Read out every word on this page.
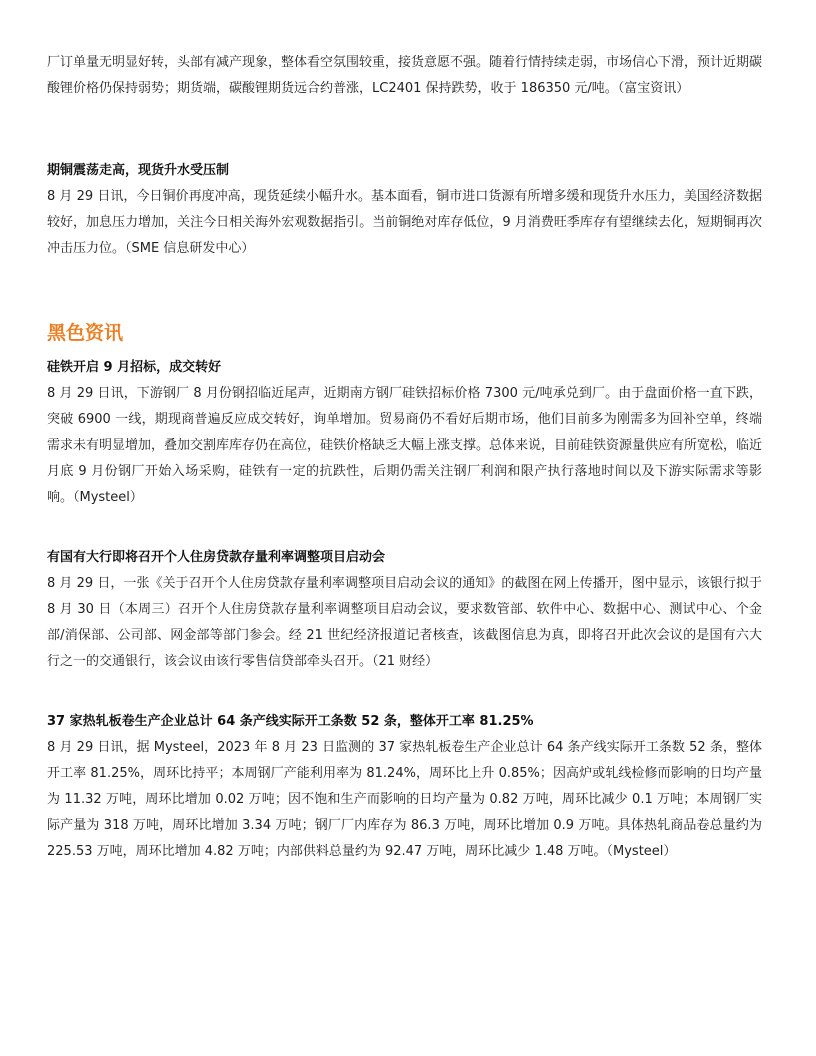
厂订单量无明显好转，头部有减产现象，整体看空氛围较重，接货意愿不强。随着行情持续走弱，市场信心下滑，预计近期碳酸锂价格仍保持弱势；期货端，碳酸锂期货远合约普涨，LC2401 保持跌势，收于 186350 元/吨。（富宝资讯）

期铜震荡走高，现货升水受压制

8 月 29 日讯，今日铜价再度冲高，现货延续小幅升水。基本面看，铜市进口货源有所增多缓和现货升水压力，美国经济数据较好，加息压力增加，关注今日相关海外宏观数据指引。当前铜绝对库存低位，9 月消费旺季库存有望继续去化，短期铜再次冲击压力位。（SME 信息研发中心）

黑色资讯

硅铁开启 9 月招标，成交转好

8 月 29 日讯，下游钢厂 8 月份钢招临近尾声，近期南方钢厂硅铁招标价格 7300 元/吨承兑到厂。由于盘面价格一直下跌，突破 6900 一线，期现商普遍反应成交转好，询单增加。贸易商仍不看好后期市场，他们目前多为刚需多为回补空单，终端需求未有明显增加，叠加交割库库存仍在高位，硅铁价格缺乏大幅上涨支撑。总体来说，目前硅铁资源量供应有所宽松，临近月底 9 月份钢厂开始入场采购，硅铁有一定的抗跌性，后期仍需关注钢厂利润和限产执行落地时间以及下游实际需求等影响。（Mysteel）

有国有大行即将召开个人住房贷款存量利率调整项目启动会

8 月 29 日，一张《关于召开个人住房贷款存量利率调整项目启动会议的通知》的截图在网上传播开，图中显示，该银行拟于 8 月 30 日（本周三）召开个人住房贷款存量利率调整项目启动会议，要求数管部、软件中心、数据中心、测试中心、个金部/消保部、公司部、网金部等部门参会。经 21 世纪经济报道记者核查，该截图信息为真，即将召开此次会议的是国有六大行之一的交通银行，该会议由该行零售信贷部牵头召开。（21 财经）

37 家热轧板卷生产企业总计 64 条产线实际开工条数 52 条，整体开工率 81.25%

8 月 29 日讯，据 Mysteel，2023 年 8 月 23 日监测的 37 家热轧板卷生产企业总计 64 条产线实际开工条数 52 条，整体开工率 81.25%，周环比持平；本周钢厂产能利用率为 81.24%，周环比上升 0.85%；因高炉或轧线检修而影响的日均产量为 11.32 万吨，周环比增加 0.02 万吨；因不饱和生产而影响的日均产量为 0.82 万吨，周环比减少 0.1 万吨；本周钢厂实际产量为 318 万吨，周环比增加 3.34 万吨；钢厂厂内库存为 86.3 万吨，周环比增加 0.9 万吨。具体热轧商品卷总量约为 225.53 万吨，周环比增加 4.82 万吨；内部供料总量约为 92.47 万吨，周环比减少 1.48 万吨。（Mysteel）
